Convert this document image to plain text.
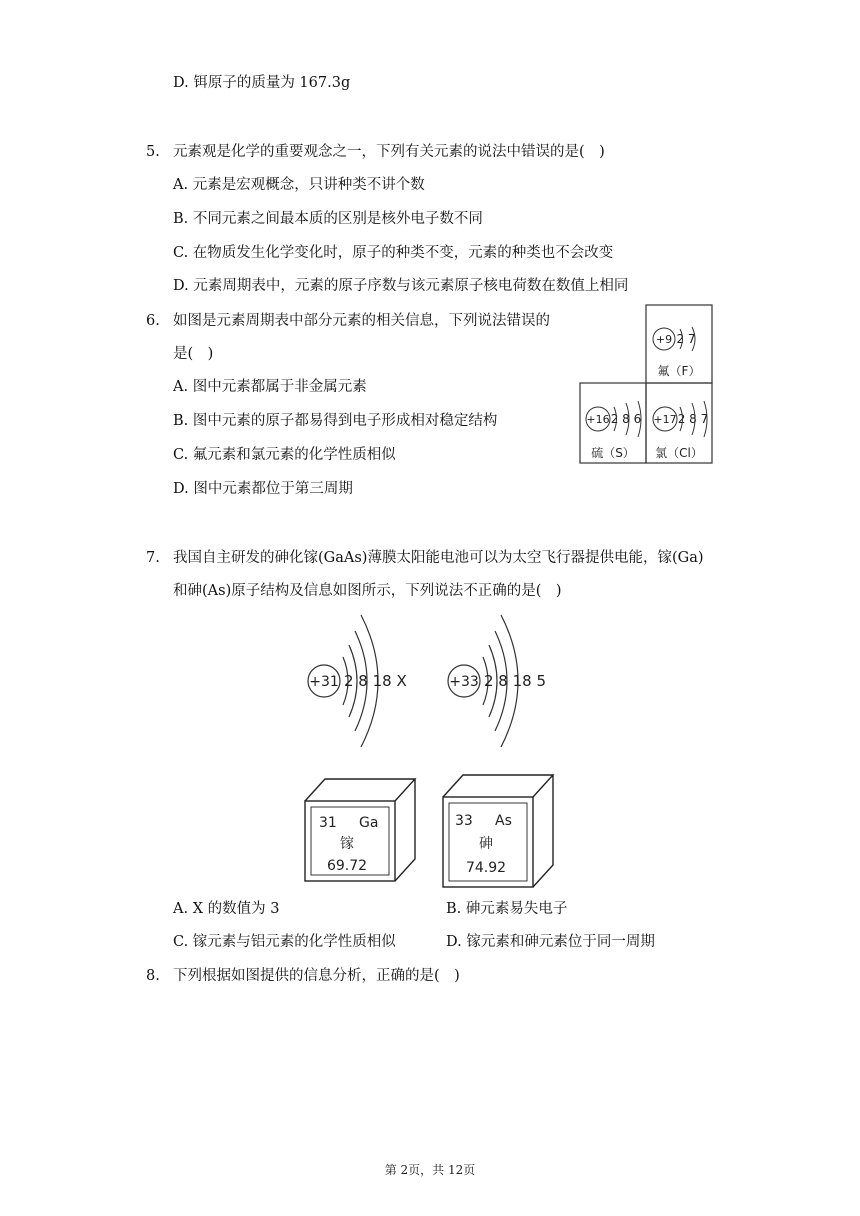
D. 铒原子的质量为 167.3g
5. 元素观是化学的重要观念之一，下列有关元素的说法中错误的是(　)
A. 元素是宏观概念，只讲种类不讲个数
B. 不同元素之间最本质的区别是核外电子数不同
C. 在物质发生化学变化时，原子的种类不变，元素的种类也不会改变
D. 元素周期表中，元素的原子序数与该元素原子核电荷数在数值上相同
6. 如图是元素周期表中部分元素的相关信息，下列说法错误的
是(　)
A. 图中元素都属于非金属元素
B. 图中元素的原子都易得到电子形成相对稳定结构
C. 氟元素和氯元素的化学性质相似
D. 图中元素都位于第三周期
+9 2 7
氟（F）
+16 2 8 6
硫（S）
+17 2 8 7
氯（Cl）
7. 我国自主研发的砷化镓(GaAs)薄膜太阳能电池可以为太空飞行器提供电能，镓(Ga)
和砷(As)原子结构及信息如图所示，下列说法不正确的是(　)
+31 2 8 18 X	+33 2 8 18 5
31 Ga
镓
69.72
33 As
砷
74.92
A. X 的数值为 3	B. 砷元素易失电子
C. 镓元素与铝元素的化学性质相似	D. 镓元素和砷元素位于同一周期
8. 下列根据如图提供的信息分析，正确的是(　)
第 2页，共 12页
